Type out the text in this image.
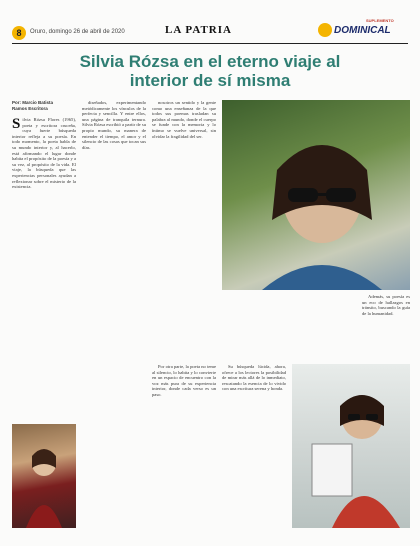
8	Oruro, domingo 26 de abril de 2020	LA PATRIA
SUPLEMENTO
DOMINICAL
Silvia Rózsa en el eterno viaje al interior de sí misma
Por: Marcio Batista Ramos Escritora
S ilvia Rózsa Flores (1965), poeta y escritora cruceña, cuya fuerte búsqueda interior refleja a su poesía. En todo momento, la poeta habla de su mundo interior y, al hacerlo, está afirmando el lugar donde habita el propósito de la poesía y a su vez, al propósito de la vida. El viaje, la búsqueda que las experiencias personales ayudan a reflexionar sobre el misterio de la existencia.

diseñados, experimentando metódicamente los vínculos de la perfecta y sencilla. Y entre ellos, una página de tranquila ternura. Silvia Rózsa escribió a partir de su propio mundo, su manera de entender el tiempo, el amor y el silencio de las cosas que tocan sus días.

nosotros un sentido y la gente como una enseñanza de la que todos sus poemas trasladan su palabra al mundo, donde el cuerpo se funde con la memoria y lo íntimo se vuelve universal, sin olvidar la fragilidad del ser.

Por otra parte, la poeta no teme al silencio, lo habita y lo convierte en un espacio de encuentro con la voz más pura de su experiencia interior, donde cada verso es un paso.

Su búsqueda lúcida, ahora, ofrece a los lectores la posibilidad de mirar más allá de lo inmediato, rescatando la esencia de lo vivido con una escritura serena y honda.

Además, su poesía es un eco de hallazgos en tránsito, buscando la guía de la humanidad.
